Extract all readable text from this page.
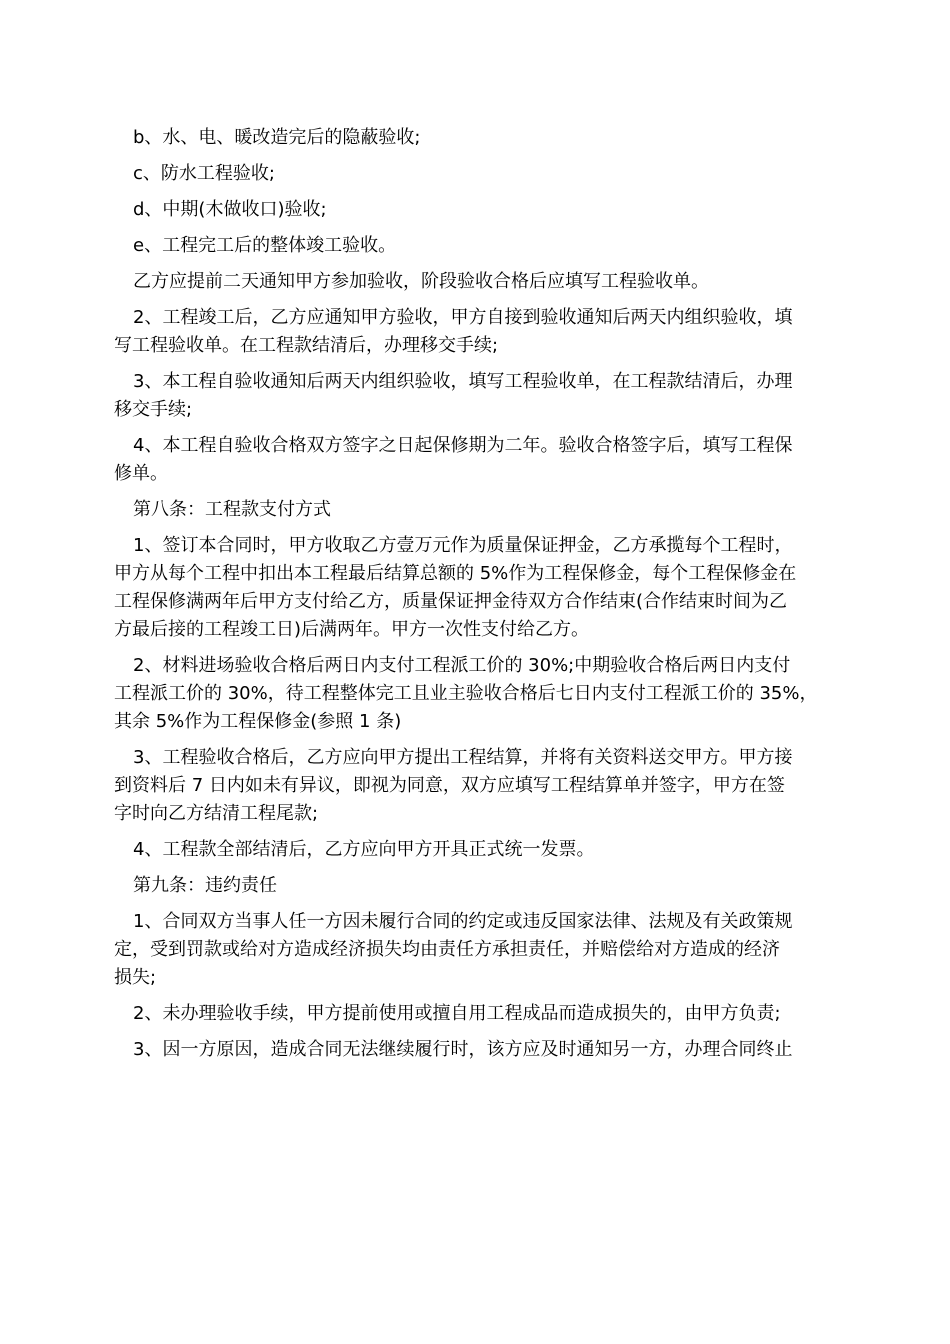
b、水、电、暖改造完后的隐蔽验收;
c、防水工程验收;
d、中期(木做收口)验收;
e、工程完工后的整体竣工验收。
乙方应提前二天通知甲方参加验收，阶段验收合格后应填写工程验收单。
2、工程竣工后，乙方应通知甲方验收，甲方自接到验收通知后两天内组织验收，填
写工程验收单。在工程款结清后，办理移交手续;
3、本工程自验收通知后两天内组织验收，填写工程验收单，在工程款结清后，办理
移交手续;
4、本工程自验收合格双方签字之日起保修期为二年。验收合格签字后，填写工程保
修单。
第八条：工程款支付方式
1、签订本合同时，甲方收取乙方壹万元作为质量保证押金，乙方承揽每个工程时，
甲方从每个工程中扣出本工程最后结算总额的 5%作为工程保修金，每个工程保修金在
工程保修满两年后甲方支付给乙方，质量保证押金待双方合作结束(合作结束时间为乙
方最后接的工程竣工日)后满两年。甲方一次性支付给乙方。
2、材料进场验收合格后两日内支付工程派工价的 30%;中期验收合格后两日内支付
工程派工价的 30%，待工程整体完工且业主验收合格后七日内支付工程派工价的 35%，
其余 5%作为工程保修金(参照 1 条)
3、工程验收合格后，乙方应向甲方提出工程结算，并将有关资料送交甲方。甲方接
到资料后 7 日内如未有异议，即视为同意，双方应填写工程结算单并签字，甲方在签
字时向乙方结清工程尾款;
4、工程款全部结清后，乙方应向甲方开具正式统一发票。
第九条：违约责任
1、合同双方当事人任一方因未履行合同的约定或违反国家法律、法规及有关政策规
定，受到罚款或给对方造成经济损失均由责任方承担责任，并赔偿给对方造成的经济
损失;
2、未办理验收手续，甲方提前使用或擅自用工程成品而造成损失的，由甲方负责;
3、因一方原因，造成合同无法继续履行时，该方应及时通知另一方，办理合同终止
